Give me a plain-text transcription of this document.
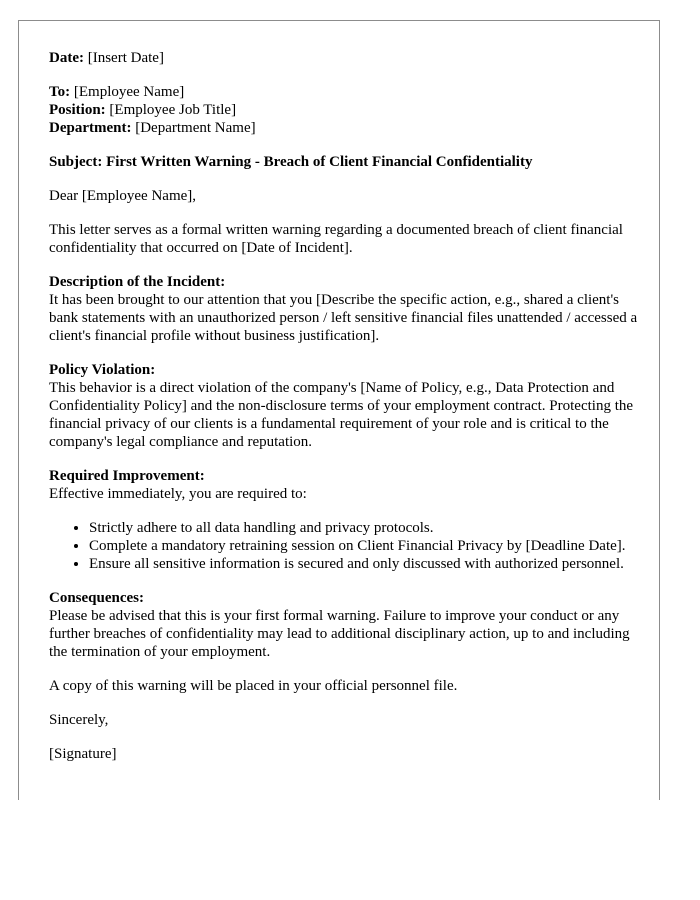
Date: [Insert Date]

To: [Employee Name]
Position: [Employee Job Title]
Department: [Department Name]

Subject: First Written Warning - Breach of Client Financial Confidentiality

Dear [Employee Name],

This letter serves as a formal written warning regarding a documented breach of client financial confidentiality that occurred on [Date of Incident].

Description of the Incident:
It has been brought to our attention that you [Describe the specific action, e.g., shared a client's bank statements with an unauthorized person / left sensitive financial files unattended / accessed a client's financial profile without business justification].
Policy Violation:
This behavior is a direct violation of the company's [Name of Policy, e.g., Data Protection and Confidentiality Policy] and the non-disclosure terms of your employment contract. Protecting the financial privacy of our clients is a fundamental requirement of your role and is critical to the company's legal compliance and reputation.
Required Improvement:
Effective immediately, you are required to:
• Strictly adhere to all data handling and privacy protocols.
• Complete a mandatory retraining session on Client Financial Privacy by [Deadline Date].
• Ensure all sensitive information is secured and only discussed with authorized personnel.
Consequences:
Please be advised that this is your first formal warning. Failure to improve your conduct or any further breaches of confidentiality may lead to additional disciplinary action, up to and including the termination of your employment.

A copy of this warning will be placed in your official personnel file.

Sincerely,

[Signature]
